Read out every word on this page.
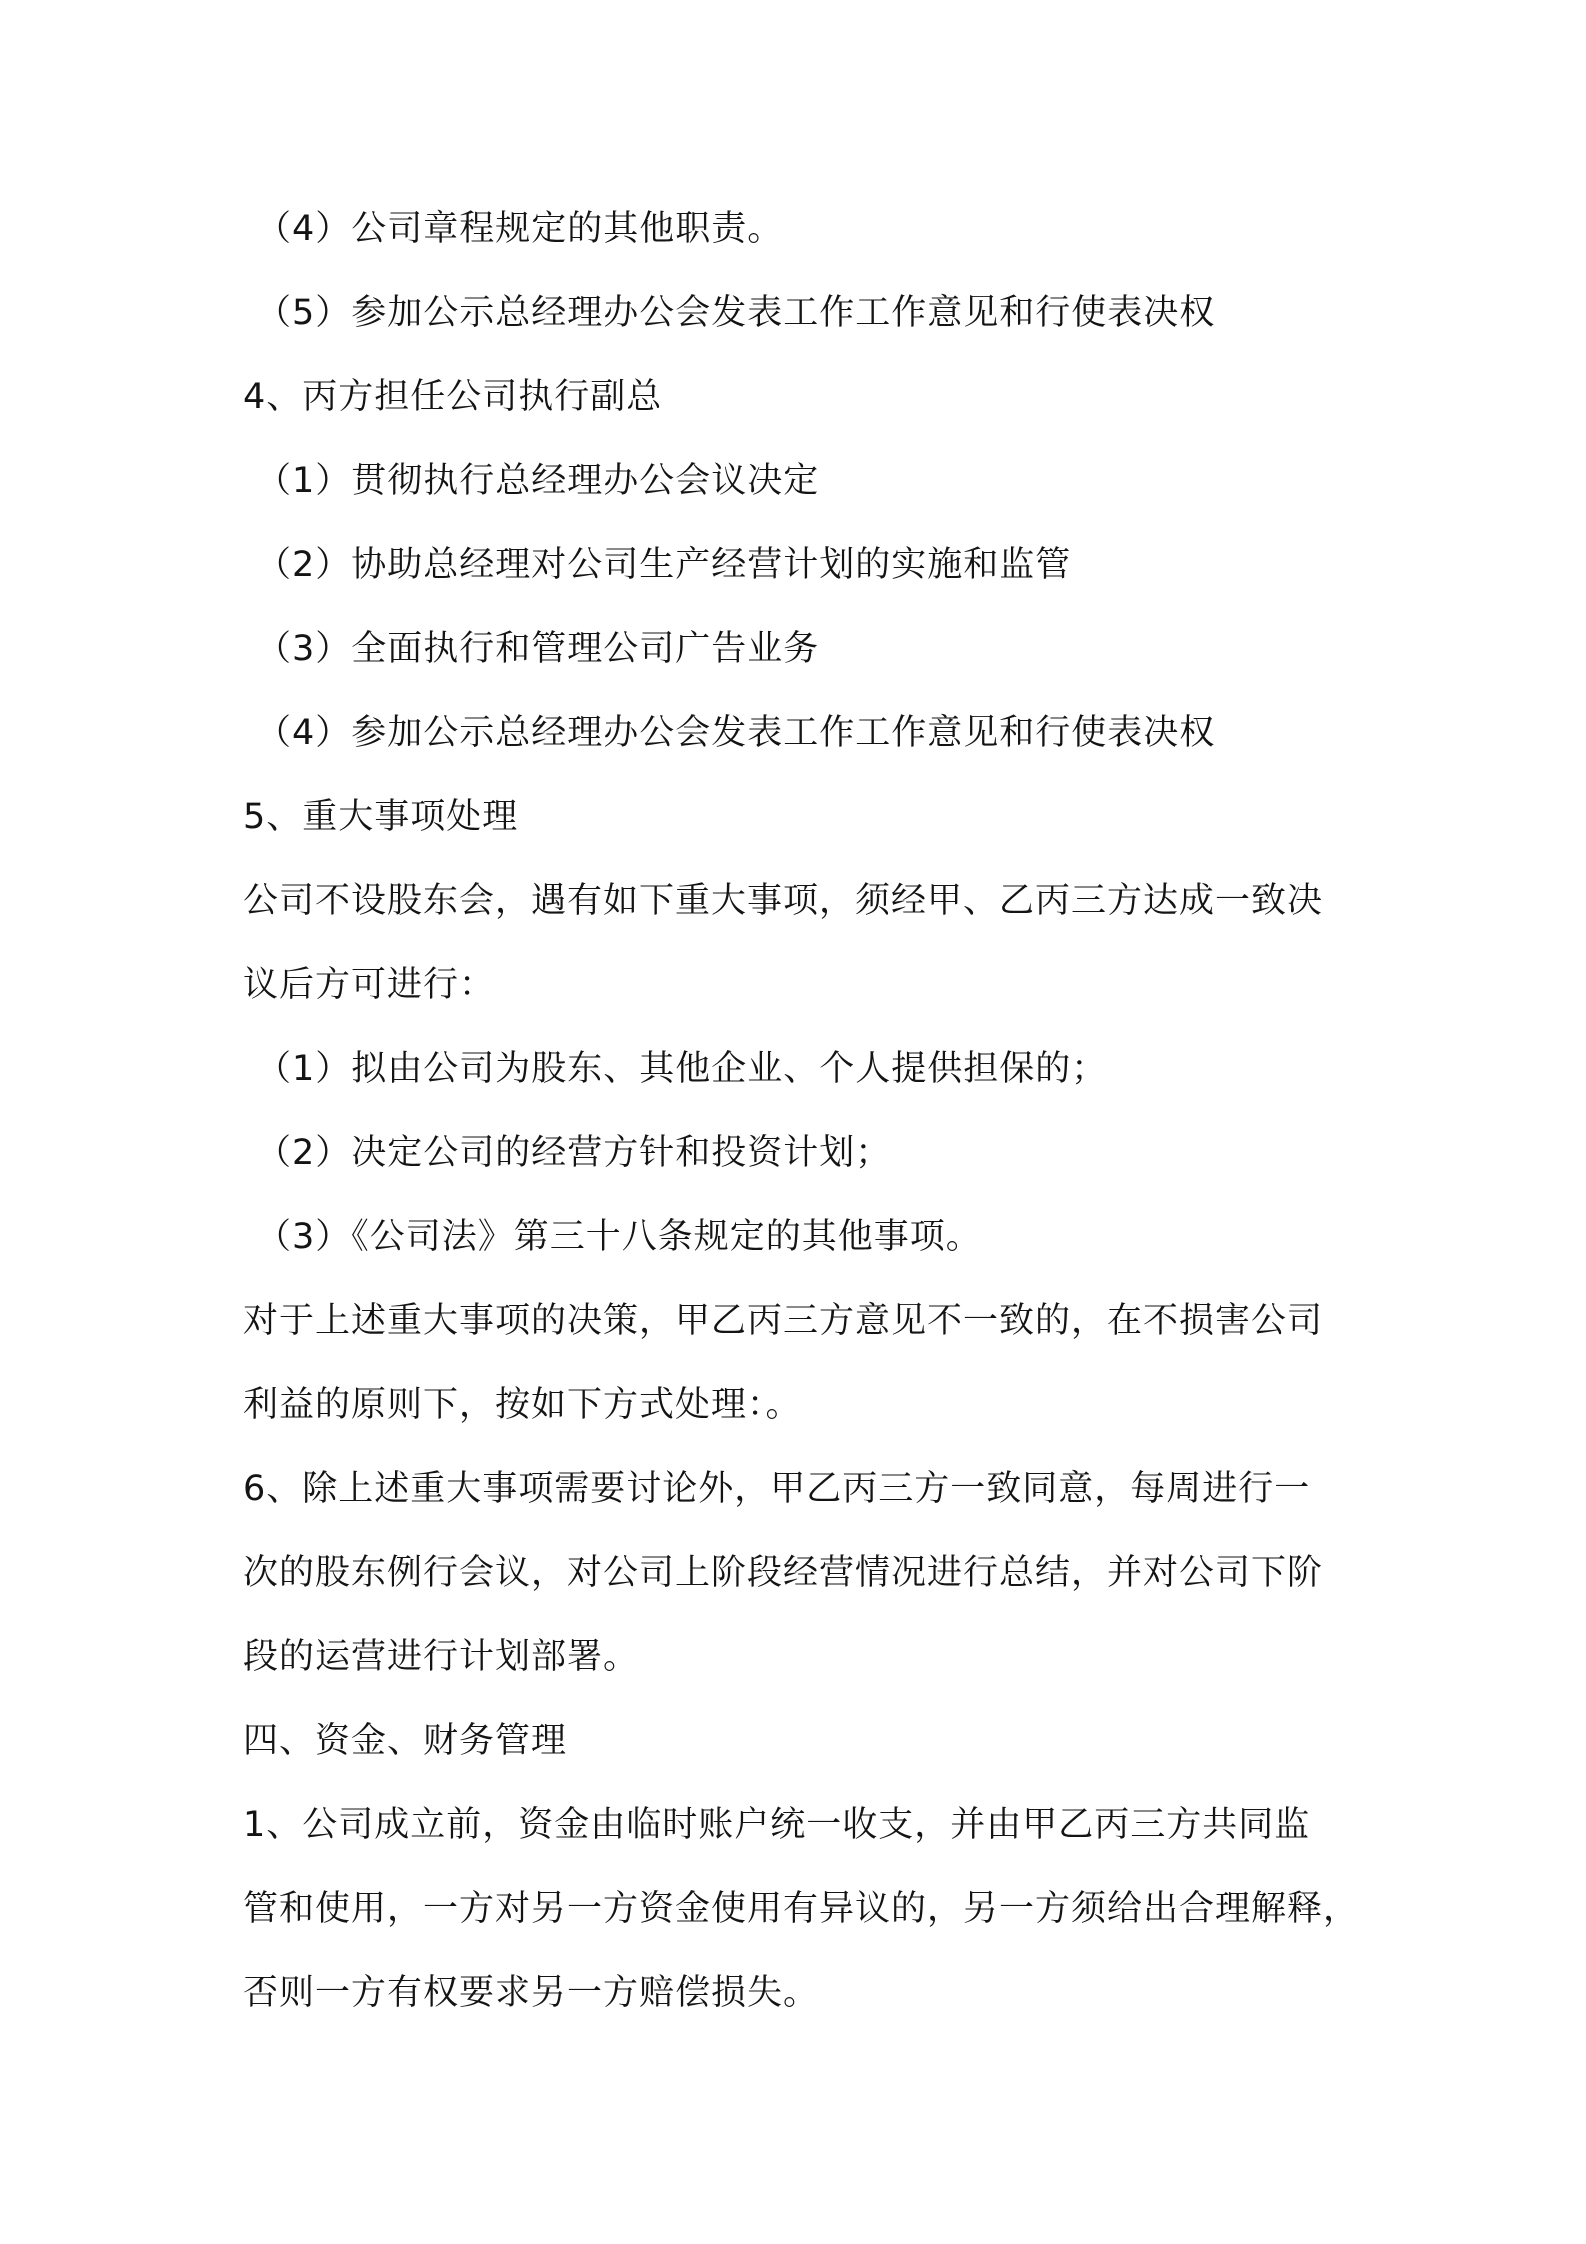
（4）公司章程规定的其他职责。
（5）参加公示总经理办公会发表工作工作意见和行使表决权
4、丙方担任公司执行副总
（1）贯彻执行总经理办公会议决定
（2）协助总经理对公司生产经营计划的实施和监管
（3）全面执行和管理公司广告业务
（4）参加公示总经理办公会发表工作工作意见和行使表决权
5、重大事项处理
公司不设股东会，遇有如下重大事项，须经甲、乙丙三方达成一致决
议后方可进行：
（1）拟由公司为股东、其他企业、个人提供担保的；
（2）决定公司的经营方针和投资计划；
（3）《公司法》第三十八条规定的其他事项。
对于上述重大事项的决策，甲乙丙三方意见不一致的，在不损害公司
利益的原则下，按如下方式处理：。
6、除上述重大事项需要讨论外，甲乙丙三方一致同意，每周进行一
次的股东例行会议，对公司上阶段经营情况进行总结，并对公司下阶
段的运营进行计划部署。
四、资金、财务管理
1、公司成立前，资金由临时账户统一收支，并由甲乙丙三方共同监
管和使用，一方对另一方资金使用有异议的，另一方须给出合理解释，
否则一方有权要求另一方赔偿损失。
